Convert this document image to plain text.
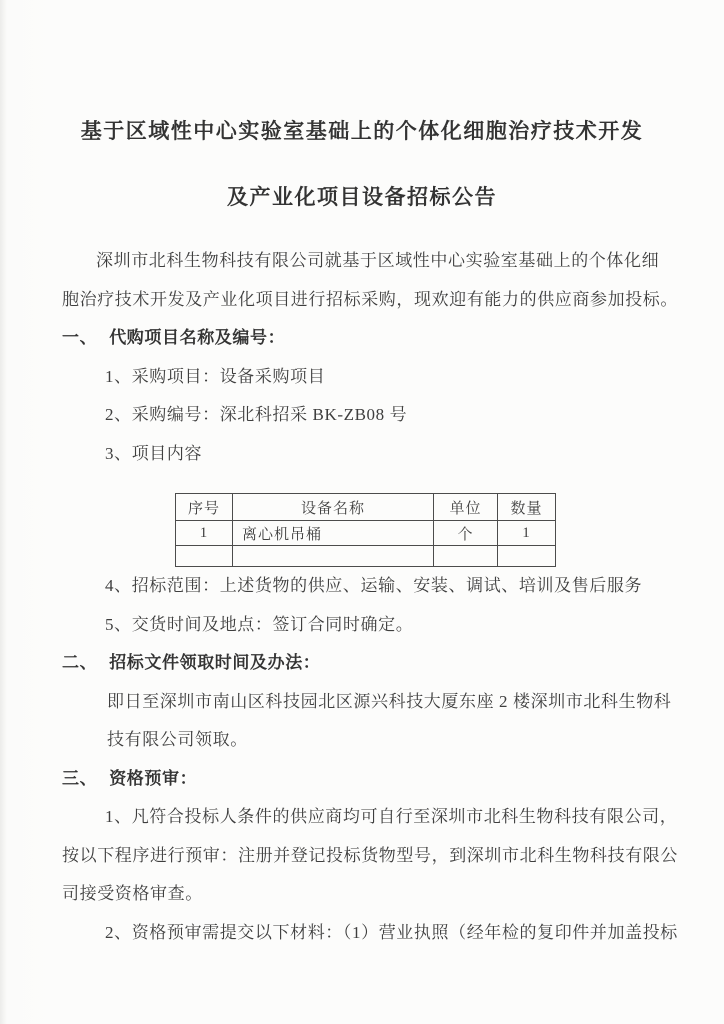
基于区域性中心实验室基础上的个体化细胞治疗技术开发
及产业化项目设备招标公告
深圳市北科生物科技有限公司就基于区域性中心实验室基础上的个体化细
胞治疗技术开发及产业化项目进行招标采购，现欢迎有能力的供应商参加投标。
一、 代购项目名称及编号：
1、采购项目：设备采购项目
2、采购编号：深北科招采 BK-ZB08 号
3、项目内容
序号	设备名称	单位	数量
1	离心机吊桶	个	1

4、招标范围：上述货物的供应、运输、安装、调试、培训及售后服务
5、交货时间及地点：签订合同时确定。
二、 招标文件领取时间及办法：
即日至深圳市南山区科技园北区源兴科技大厦东座 2 楼深圳市北科生物科
技有限公司领取。
三、 资格预审：
1、凡符合投标人条件的供应商均可自行至深圳市北科生物科技有限公司，
按以下程序进行预审：注册并登记投标货物型号，到深圳市北科生物科技有限公
司接受资格审查。
2、资格预审需提交以下材料：（1）营业执照（经年检的复印件并加盖投标
